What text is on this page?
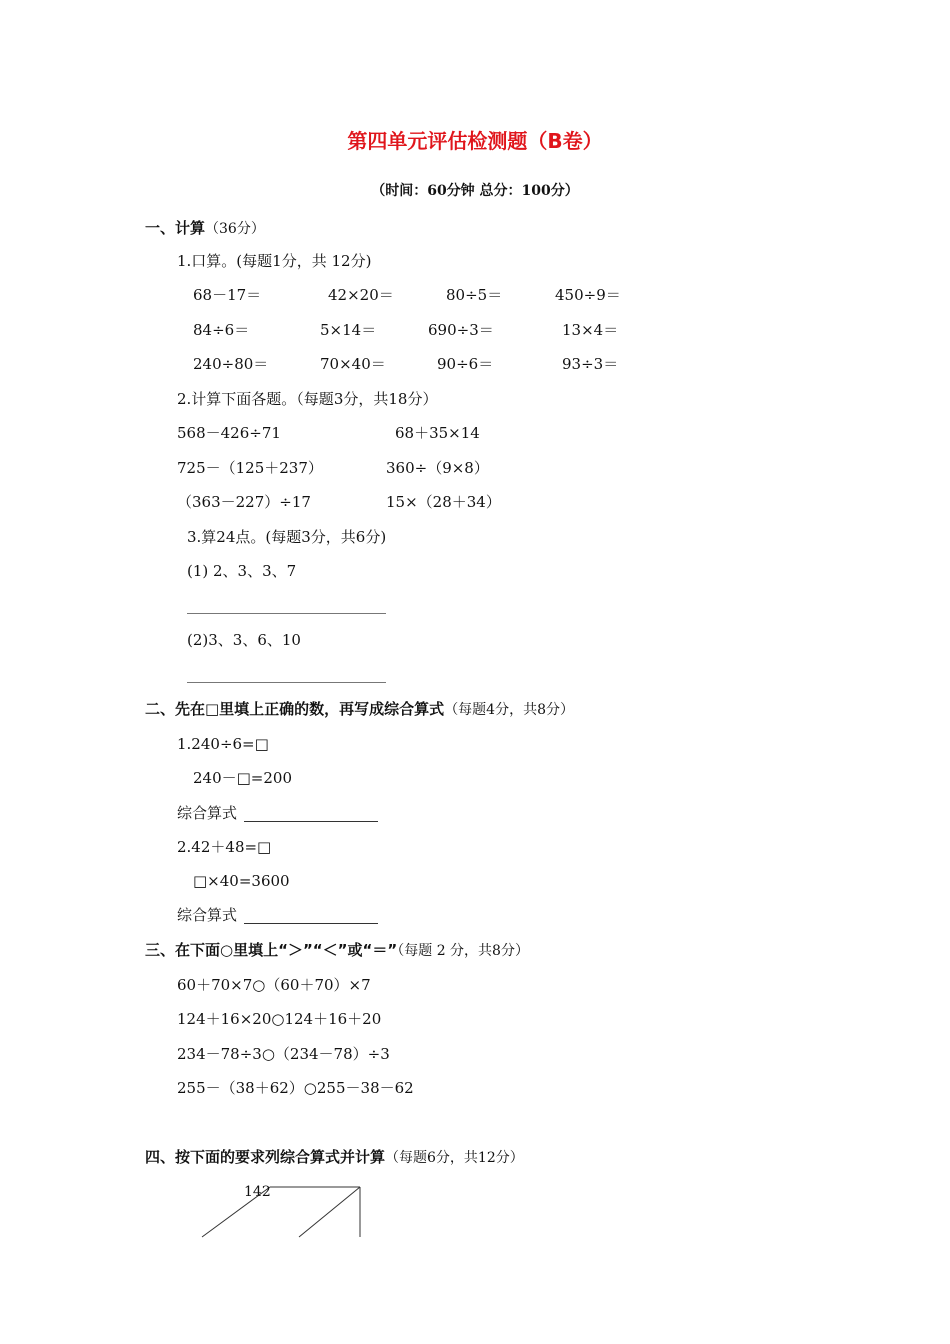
第四单元评估检测题（B卷）
（时间：60分钟 总分：100分）
一、计算（36分）
1.口算。(每题1分，共 12分)
68－17＝	42×20＝	80÷5＝	450÷9＝
84÷6＝	5×14＝	690÷3＝	13×4＝
240÷80＝	70×40＝	90÷6＝	93÷3＝
2.计算下面各题。（每题3分，共18分）
568－426÷71	68＋35×14
725－（125＋237）	360÷（9×8）
（363－227）÷17	15×（28＋34）
3.算24点。(每题3分，共6分)
(1) 2、3、3、7
(2)3、3、6、10
二、先在□里填上正确的数，再写成综合算式（每题4分，共8分）
1.240÷6=□
240－□=200
综合算式
2.42＋48=□
□×40=3600
综合算式
三、在下面○里填上“＞”“＜”或“＝”（每题 2 分，共8分）
60＋70×7○（60＋70）×7
124＋16×20○124＋16＋20
234－78÷3○（234－78）÷3
255－（38＋62）○255－38－62
四、按下面的要求列综合算式并计算（每题6分，共12分）
142
